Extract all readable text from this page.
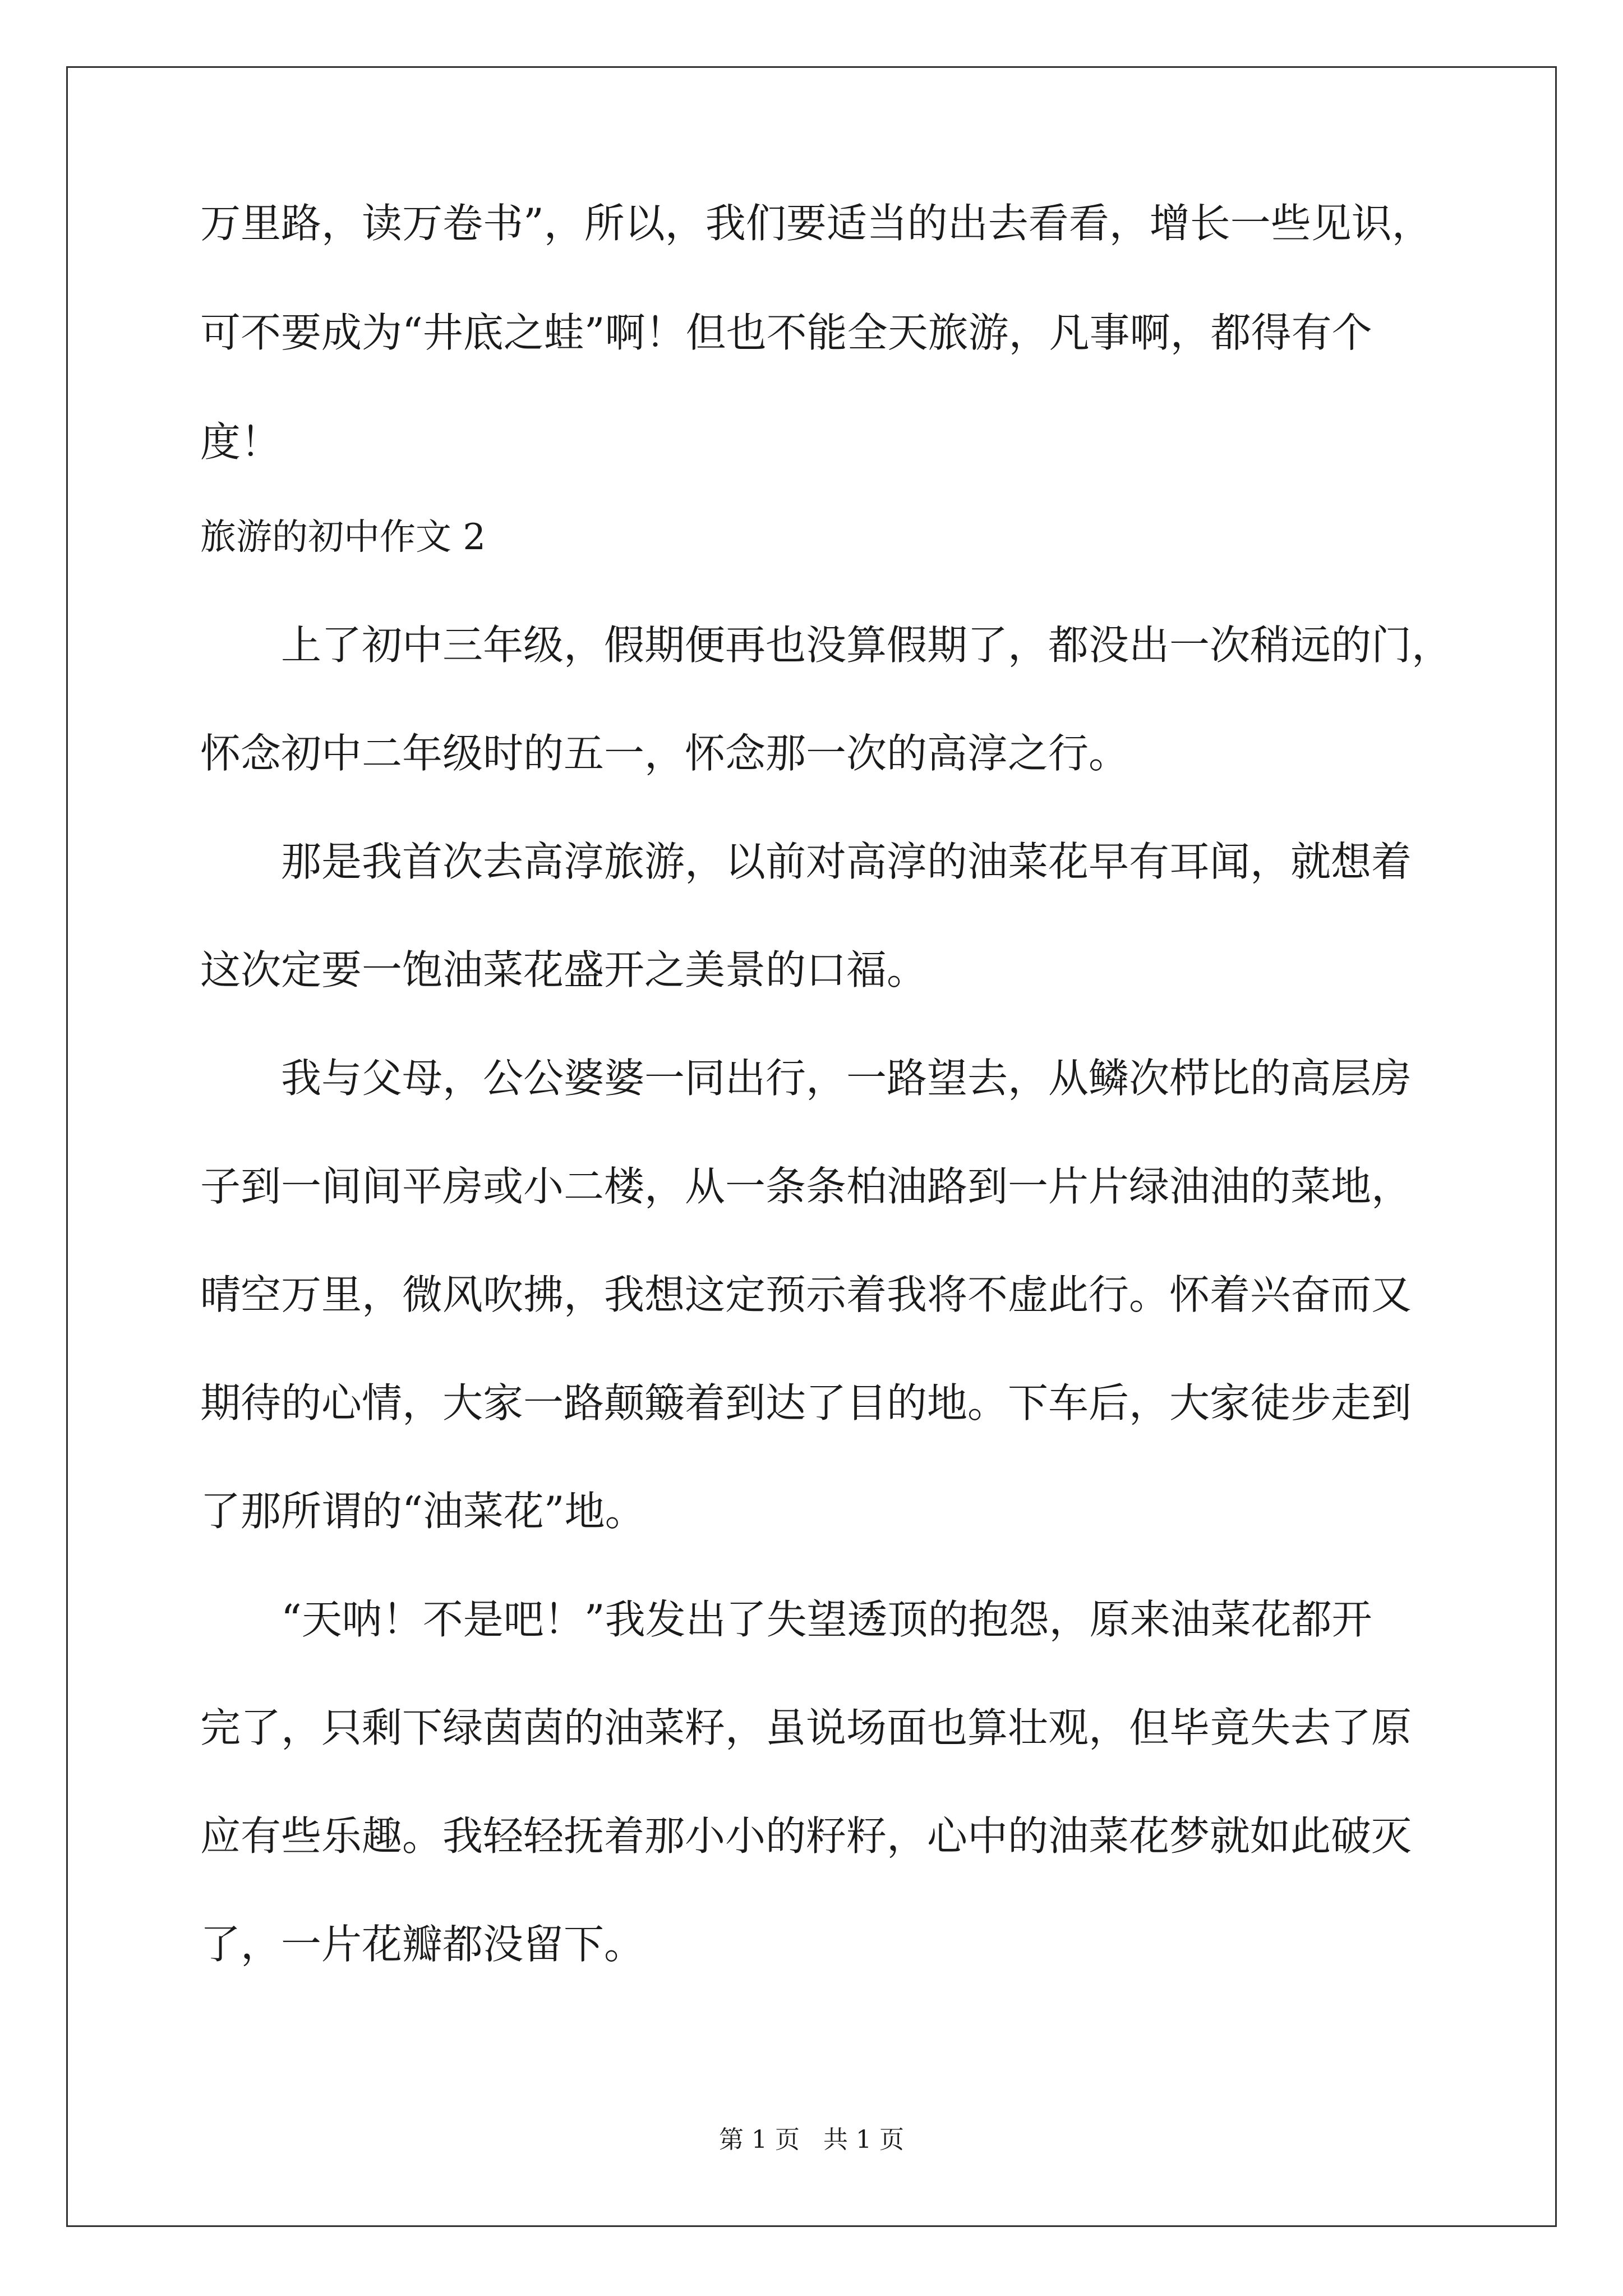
万里路，读万卷书”，所以，我们要适当的出去看看，增长一些见识，
可不要成为“井底之蛙”啊！但也不能全天旅游，凡事啊，都得有个
度！
旅游的初中作文 2
　　上了初中三年级，假期便再也没算假期了，都没出一次稍远的门，
怀念初中二年级时的五一，怀念那一次的高淳之行。
　　那是我首次去高淳旅游，以前对高淳的油菜花早有耳闻，就想着
这次定要一饱油菜花盛开之美景的口福。
　　我与父母，公公婆婆一同出行，一路望去，从鳞次栉比的高层房
子到一间间平房或小二楼，从一条条柏油路到一片片绿油油的菜地，
晴空万里，微风吹拂，我想这定预示着我将不虚此行。怀着兴奋而又
期待的心情，大家一路颠簸着到达了目的地。下车后，大家徒步走到
了那所谓的“油菜花”地。
　　“天呐！不是吧！”我发出了失望透顶的抱怨，原来油菜花都开
完了，只剩下绿茵茵的油菜籽，虽说场面也算壮观，但毕竟失去了原
应有些乐趣。我轻轻抚着那小小的籽籽，心中的油菜花梦就如此破灭
了，一片花瓣都没留下。
第 1 页   共 1 页
